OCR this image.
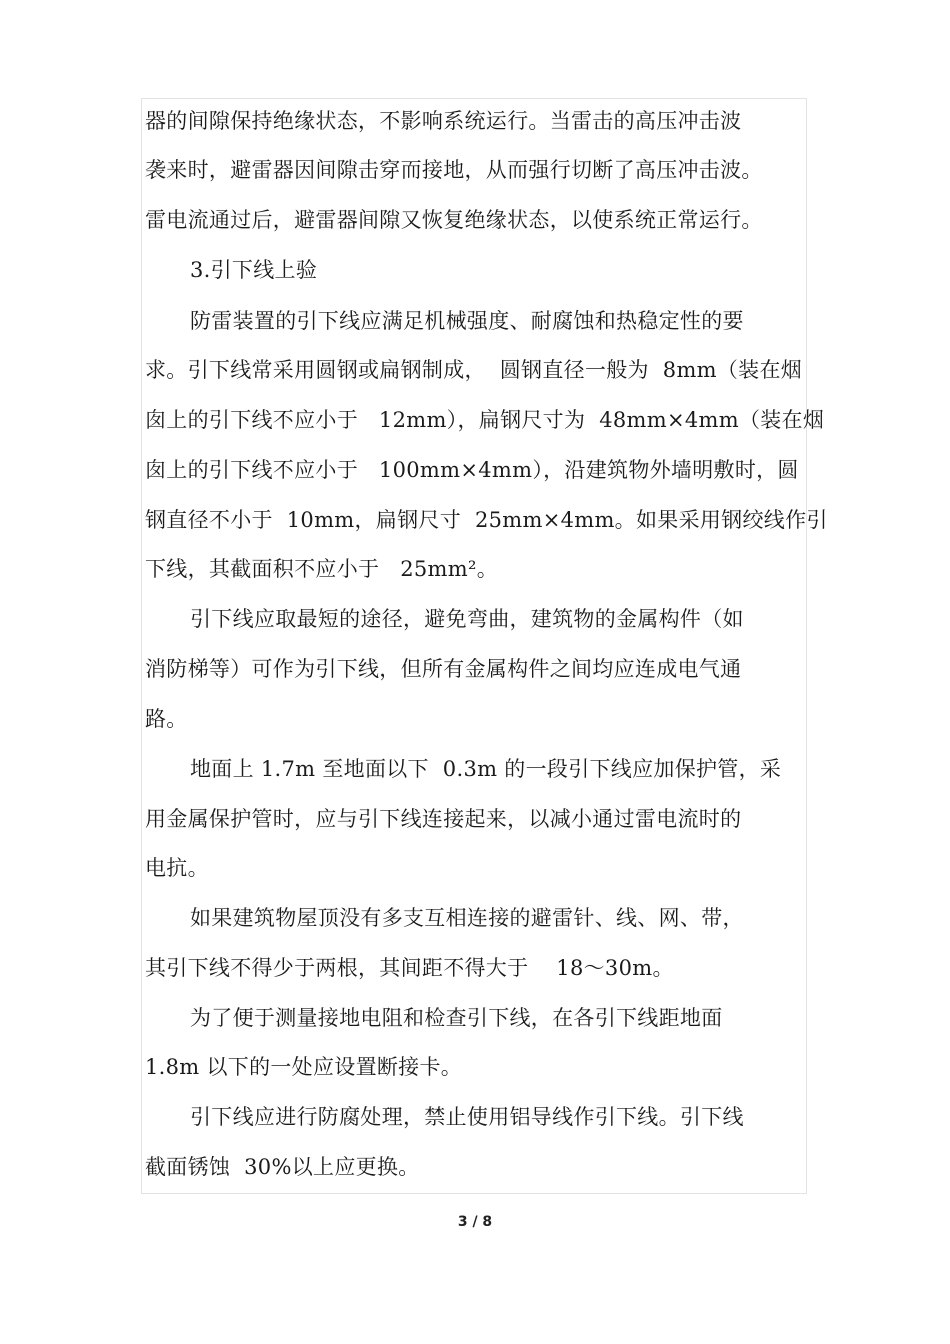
器的间隙保持绝缘状态，不影响系统运行。当雷击的高压冲击波
袭来时，避雷器因间隙击穿而接地，从而强行切断了高压冲击波。
雷电流通过后，避雷器间隙又恢复绝缘状态，以使系统正常运行。
3.引下线上验
防雷装置的引下线应满足机械强度、耐腐蚀和热稳定性的要
求。引下线常采用圆钢或扁钢制成，  圆钢直径一般为  8mm（装在烟
囱上的引下线不应小于   12mm），扁钢尺寸为  48mm×4mm（装在烟
囱上的引下线不应小于   100mm×4mm），沿建筑物外墙明敷时，圆
钢直径不小于  10mm，扁钢尺寸  25mm×4mm。如果采用钢绞线作引
下线，其截面积不应小于   25mm²。
引下线应取最短的途径，避免弯曲，建筑物的金属构件（如
消防梯等）可作为引下线，但所有金属构件之间均应连成电气通
路。
地面上 1.7m 至地面以下  0.3m 的一段引下线应加保护管，采
用金属保护管时，应与引下线连接起来，以减小通过雷电流时的
电抗。
如果建筑物屋顶没有多支互相连接的避雷针、线、网、带，
其引下线不得少于两根，其间距不得大于    18～30m。
为了便于测量接地电阻和检查引下线，在各引下线距地面
1.8m 以下的一处应设置断接卡。
引下线应进行防腐处理，禁止使用铝导线作引下线。引下线
截面锈蚀  30%以上应更换。
3 / 8
